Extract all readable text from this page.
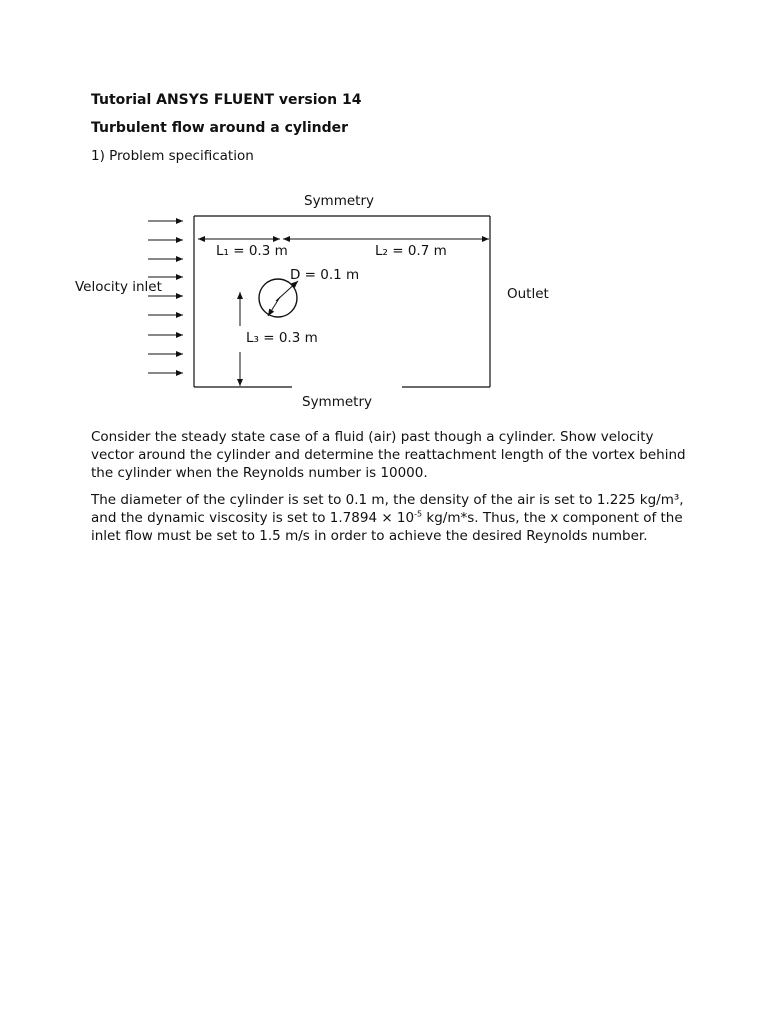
Tutorial ANSYS FLUENT version 14

Turbulent flow around a cylinder

1) Problem specification

Symmetry
Symmetry
Velocity inlet	Outlet
L₁ = 0.3 m	L₂ = 0.7 m
D = 0.1 m
L₃ = 0.3 m

Consider the steady state case of a fluid (air) past though a cylinder. Show velocity vector around the cylinder and determine the reattachment length of the vortex behind the cylinder when the Reynolds number is 10000.

The diameter of the cylinder is set to 0.1 m, the density of the air is set to 1.225 kg/m³, and the dynamic viscosity is set to $1.7894 \times 10^{-5}$ kg/m*s. Thus, the x component of the inlet flow must be set to 1.5 m/s in order to achieve the desired Reynolds number.
